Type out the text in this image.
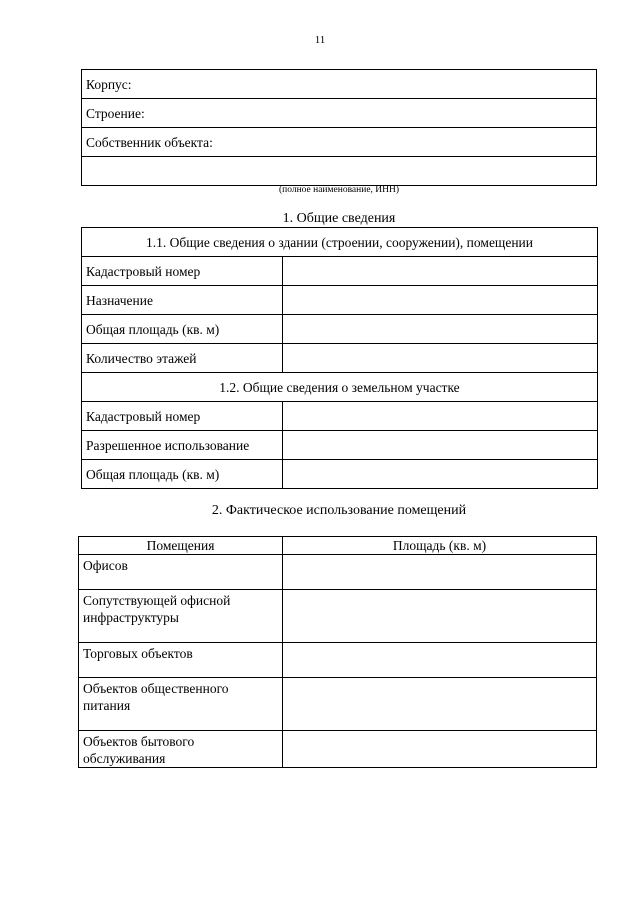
11
Корпус:
Строение:
Собственник объекта:

(полное наименование, ИНН)
1. Общие сведения
1.1. Общие сведения о здании (строении, сооружении), помещении	
Кадастровый номер	
Назначение	
Общая площадь (кв. м)	
Количество этажей	
1.2. Общие сведения о земельном участке	
Кадастровый номер	
Разрешенное использование	
Общая площадь (кв. м)	
2. Фактическое использование помещений
Помещения	Площадь (кв. м)
Офисов	
Сопутствующей офисной инфраструктуры	
Торговых объектов	
Объектов общественного питания	
Объектов бытового обслуживания	
